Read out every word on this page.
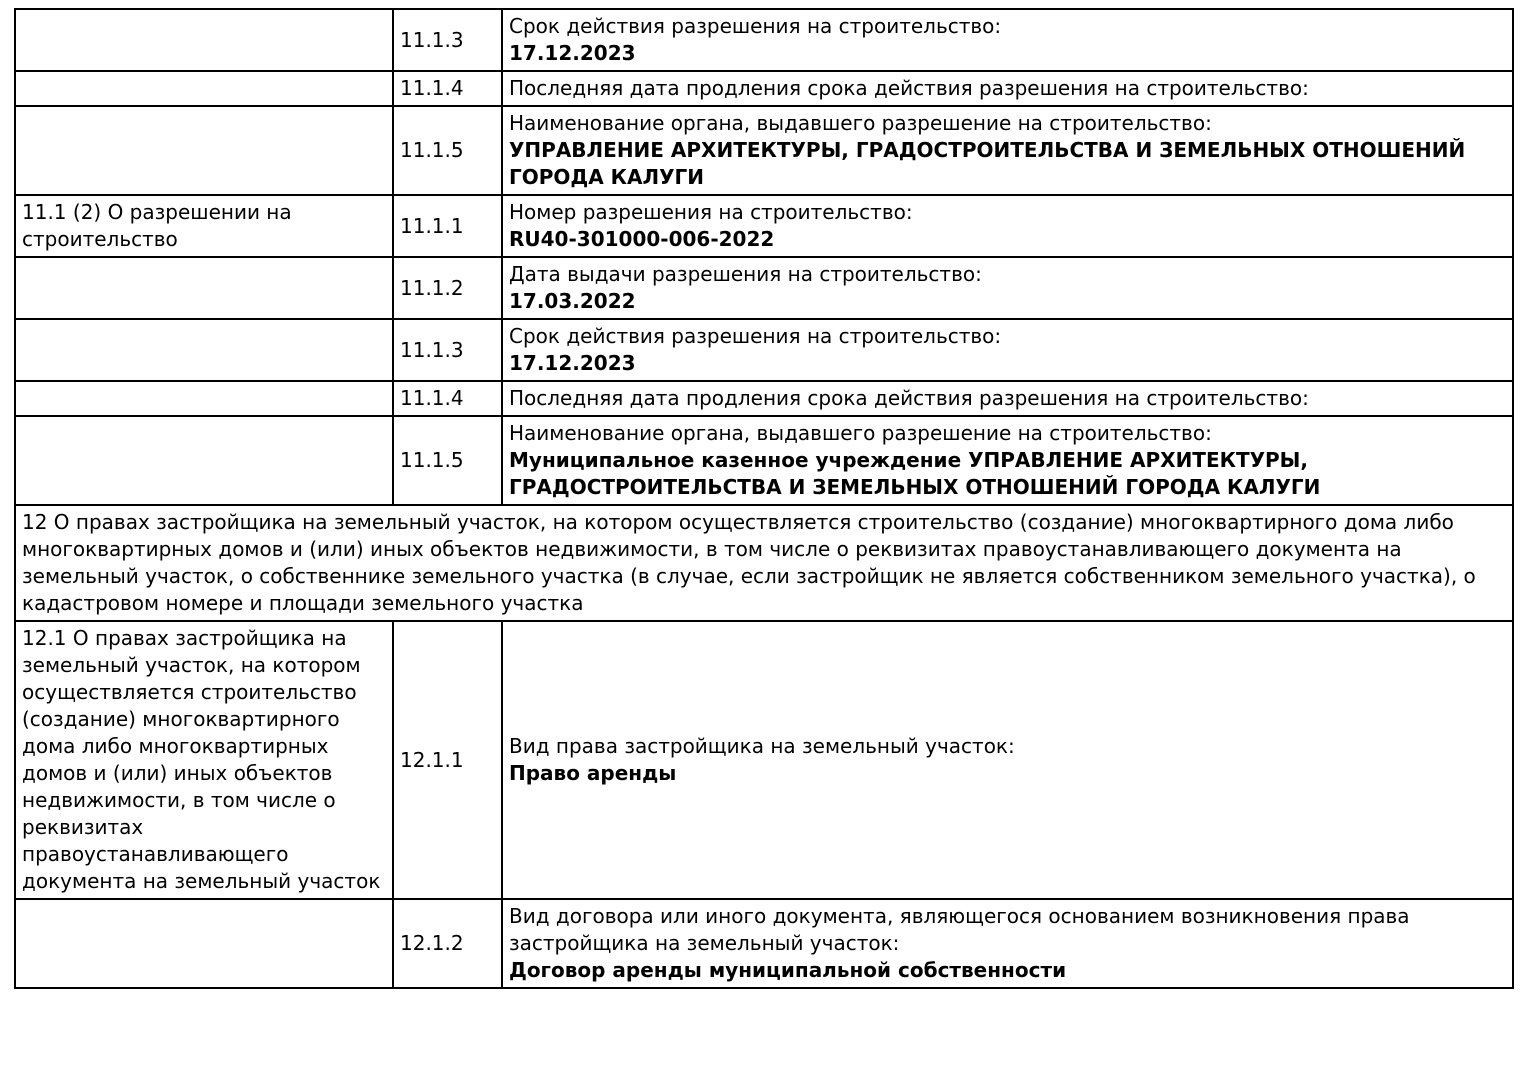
	11.1.3	Срок действия разрешения на строительство:
17.12.2023

	11.1.4	Последняя дата продления срока действия разрешения на строительство:

	11.1.5	Наименование органа, выдавшего разрешение на строительство:
УПРАВЛЕНИЕ АРХИТЕКТУРЫ, ГРАДОСТРОИТЕЛЬСТВА И ЗЕМЕЛЬНЫХ ОТНОШЕНИЙ ГОРОДА КАЛУГИ

11.1 (2) О разрешении на строительство	11.1.1	Номер разрешения на строительство:
RU40-301000-006-2022

	11.1.2	Дата выдачи разрешения на строительство:
17.03.2022

	11.1.3	Срок действия разрешения на строительство:
17.12.2023

	11.1.4	Последняя дата продления срока действия разрешения на строительство:

	11.1.5	Наименование органа, выдавшего разрешение на строительство:
Муниципальное казенное учреждение УПРАВЛЕНИЕ АРХИТЕКТУРЫ, ГРАДОСТРОИТЕЛЬСТВА И ЗЕМЕЛЬНЫХ ОТНОШЕНИЙ ГОРОДА КАЛУГИ

12 О правах застройщика на земельный участок, на котором осуществляется строительство (создание) многоквартирного дома либо многоквартирных домов и (или) иных объектов недвижимости, в том числе о реквизитах правоустанавливающего документа на земельный участок, о собственнике земельного участка (в случае, если застройщик не является собственником земельного участка), о кадастровом номере и площади земельного участка		
12.1 О правах застройщика на земельный участок, на котором осуществляется строительство (создание) многоквартирного дома либо многоквартирных домов и (или) иных объектов недвижимости, в том числе о реквизитах правоустанавливающего документа на земельный участок	12.1.1	Вид права застройщика на земельный участок:
Право аренды

	12.1.2	Вид договора или иного документа, являющегося основанием возникновения права застройщика на земельный участок:
Договор аренды муниципальной собственности
